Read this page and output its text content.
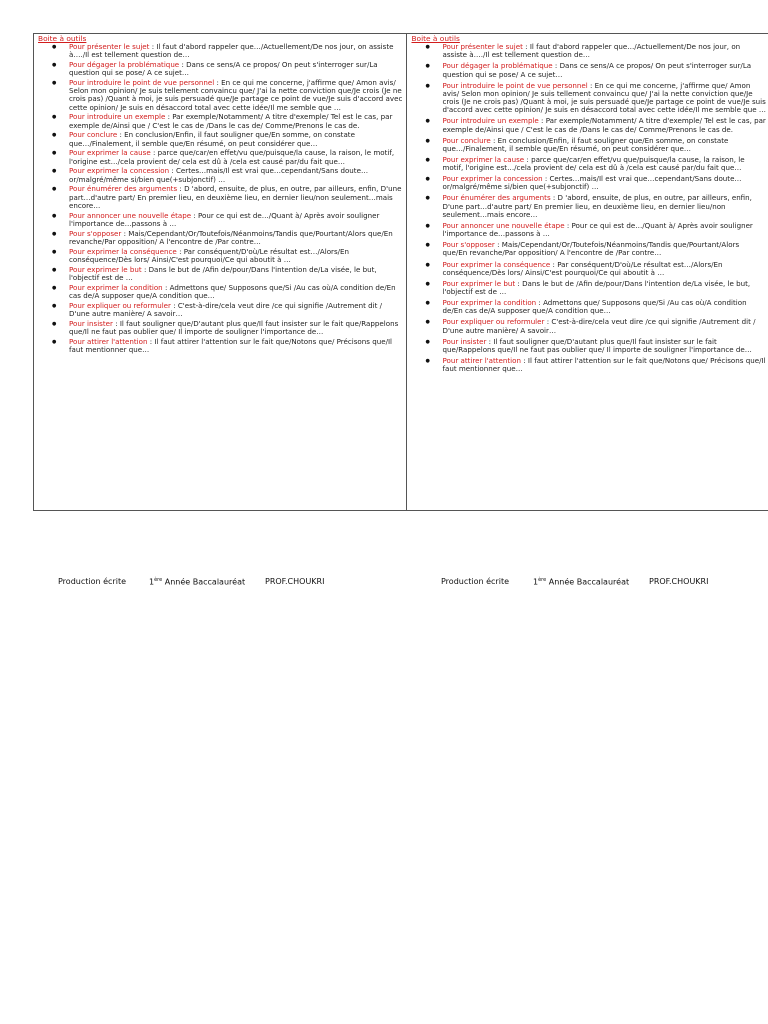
Boite à outils
● Pour présenter le sujet : Il faut d'abord rappeler que…/Actuellement/De nos jour, on assiste à…./Il est tellement question de…
● Pour dégager la problématique : Dans ce sens/A ce propos/ On peut s'interroger sur/La question qui se pose/ A ce sujet…
● Pour introduire le point de vue personnel : En ce qui me concerne, j'affirme que/ Amon avis/ Selon mon opinion/ Je suis tellement convaincu que/ J'ai la nette conviction que/Je crois (Je ne crois pas) /Quant à moi, je suis persuadé que/Je partage ce point de vue/Je suis d'accord avec cette opinion/ Je suis en désaccord total avec cette idée/Il me semble que …
● Pour introduire un exemple : Par exemple/Notamment/ A titre d'exemple/ Tel est le cas, par exemple de/Ainsi que / C'est le cas de /Dans le cas de/ Comme/Prenons le cas de.
● Pour conclure : En conclusion/Enfin, il faut souligner que/En somme, on constate que…/Finalement, il semble que/En résumé, on peut considérer que…
● Pour exprimer la cause : parce que/car/en effet/vu que/puisque/la cause, la raison, le motif, l'origine est…/cela provient de/ cela est dû à /cela est causé par/du fait que…
● Pour exprimer la concession : Certes…mais/Il est vrai que…cependant/Sans doute…or/malgré/même si/bien que(+subjonctif) …
● Pour énumérer des arguments : D 'abord, ensuite, de plus, en outre, par ailleurs, enfin, D'une part…d'autre part/ En premier lieu, en deuxième lieu, en dernier lieu/non seulement…mais encore…
● Pour annoncer une nouvelle étape : Pour ce qui est de…/Quant à/ Après avoir souligner l'importance de…passons à …
● Pour s'opposer : Mais/Cependant/Or/Toutefois/Néanmoins/Tandis que/Pourtant/Alors que/En revanche/Par opposition/ A l'encontre de /Par contre…
● Pour exprimer la conséquence : Par conséquent/D'où/Le résultat est…/Alors/En conséquence/Dès lors/ Ainsi/C'est pourquoi/Ce qui aboutit à …
● Pour exprimer le but : Dans le but de /Afin de/pour/Dans l'intention de/La visée, le but, l'objectif est de …
● Pour exprimer la condition : Admettons que/ Supposons que/Si /Au cas où/A condition de/En cas de/A supposer que/A condition que…
● Pour expliquer ou reformuler : C'est-à-dire/cela veut dire /ce qui signifie /Autrement dit / D'une autre manière/ A savoir…
● Pour insister : Il faut souligner que/D'autant plus que/Il faut insister sur le fait que/Rappelons que/Il ne faut pas oublier que/ Il importe de souligner l'importance de…
● Pour attirer l'attention : Il faut attirer l'attention sur le fait que/Notons que/ Précisons que/Il faut mentionner que…
Boite à outils
● Pour présenter le sujet : Il faut d'abord rappeler que…/Actuellement/De nos jour, on assiste à…./Il est tellement question de…
● Pour dégager la problématique : Dans ce sens/A ce propos/ On peut s'interroger sur/La question qui se pose/ A ce sujet…
● Pour introduire le point de vue personnel : En ce qui me concerne, j'affirme que/ Amon avis/ Selon mon opinion/ Je suis tellement convaincu que/ J'ai la nette conviction que/Je crois (Je ne crois pas) /Quant à moi, je suis persuadé que/Je partage ce point de vue/Je suis d'accord avec cette opinion/ Je suis en désaccord total avec cette idée/Il me semble que …
● Pour introduire un exemple : Par exemple/Notamment/ A titre d'exemple/ Tel est le cas, par exemple de/Ainsi que / C'est le cas de /Dans le cas de/ Comme/Prenons le cas de.
● Pour conclure : En conclusion/Enfin, il faut souligner que/En somme, on constate que…/Finalement, il semble que/En résumé, on peut considérer que…
● Pour exprimer la cause : parce que/car/en effet/vu que/puisque/la cause, la raison, le motif, l'origine est…/cela provient de/ cela est dû à /cela est causé par/du fait que…
● Pour exprimer la concession : Certes…mais/Il est vrai que…cependant/Sans doute…or/malgré/même si/bien que(+subjonctif) …
● Pour énumérer des arguments : D 'abord, ensuite, de plus, en outre, par ailleurs, enfin, D'une part…d'autre part/ En premier lieu, en deuxième lieu, en dernier lieu/non seulement…mais encore…
● Pour annoncer une nouvelle étape : Pour ce qui est de…/Quant à/ Après avoir souligner l'importance de…passons à …
● Pour s'opposer : Mais/Cependant/Or/Toutefois/Néanmoins/Tandis que/Pourtant/Alors que/En revanche/Par opposition/ A l'encontre de /Par contre…
● Pour exprimer la conséquence : Par conséquent/D'où/Le résultat est…/Alors/En conséquence/Dès lors/ Ainsi/C'est pourquoi/Ce qui aboutit à …
● Pour exprimer le but : Dans le but de /Afin de/pour/Dans l'intention de/La visée, le but, l'objectif est de …
● Pour exprimer la condition : Admettons que/ Supposons que/Si /Au cas où/A condition de/En cas de/A supposer que/A condition que…
● Pour expliquer ou reformuler : C'est-à-dire/cela veut dire /ce qui signifie /Autrement dit / D'une autre manière/ A savoir…
● Pour insister : Il faut souligner que/D'autant plus que/Il faut insister sur le fait que/Rappelons que/Il ne faut pas oublier que/ Il importe de souligner l'importance de…
● Pour attirer l'attention : Il faut attirer l'attention sur le fait que/Notons que/ Précisons que/Il faut mentionner que…
Production écrite	1ère Année Baccalauréat PROF.CHOUKRI	Production écrite	1ère Année Baccalauréat PROF.CHOUKRI
